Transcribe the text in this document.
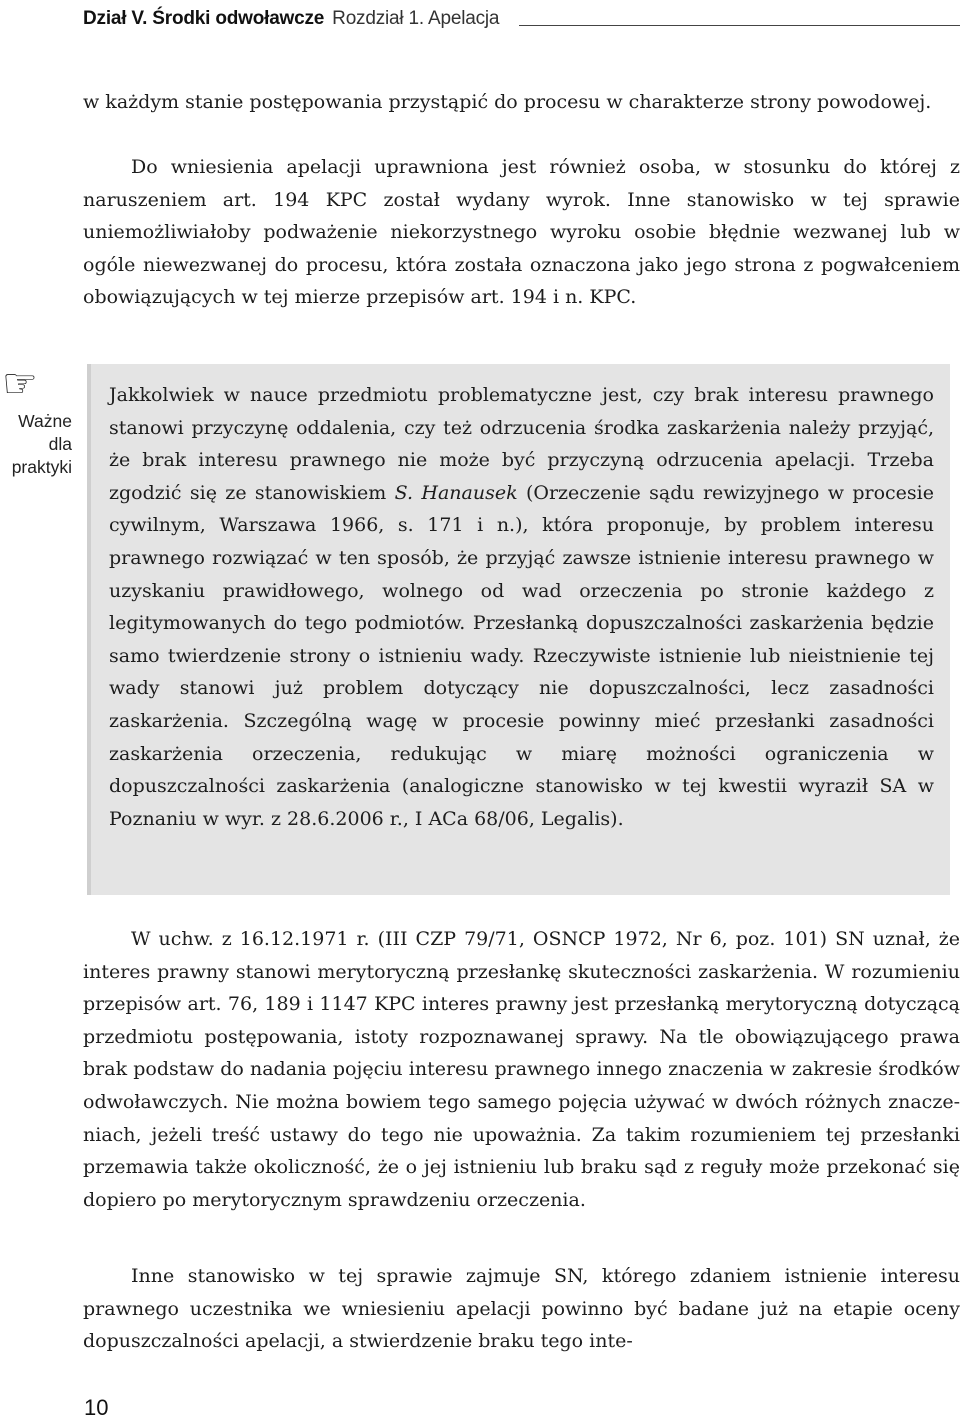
Dział V. Środki odwoławcze Rozdział 1. Apelacja

w każdym stanie postępowania przystąpić do procesu w charakterze strony powodowej.

Do wniesienia apelacji uprawniona jest również osoba, w stosunku do której z naruszeniem art. 194 KPC został wydany wyrok. Inne stanowisko w tej sprawie uniemożliwiałoby podważenie niekorzystnego wyroku osobie błędnie wezwanej lub w ogóle niewezwanej do procesu, która została oznaczona jako jego strona z pogwałceniem obowiązujących w tej mierze przepisów art. 194 i n. KPC.

☞
Ważne dla praktyki

Jakkolwiek w nauce przedmiotu problematyczne jest, czy brak interesu prawnego stanowi przyczynę oddalenia, czy też odrzucenia środka zaskarżenia należy przyjąć, że brak interesu prawnego nie może być przyczyną odrzucenia apelacji. Trzeba zgodzić się ze stanowiskiem S. Hanausek (Orzeczenie sądu rewizyjnego w procesie cywilnym, Warszawa 1966, s. 171 i n.), która proponuje, by problem interesu prawnego rozwiązać w ten sposób, że przyjąć zawsze istnienie interesu prawnego w uzyskaniu prawidłowego, wolnego od wad orzeczenia po stronie każdego z legitymowanych do tego podmiotów. Przesłanką dopuszczalności zaskarżenia będzie samo twierdzenie strony o istnieniu wady. Rzeczywiste istnienie lub nieistnienie tej wady stanowi już problem dotyczący nie dopuszczalności, lecz zasadności zaskarżenia. Szczególną wagę w procesie powinny mieć przesłanki zasadności zaskarżenia orzeczenia, redukując w miarę możności ograniczenia w dopuszczalności zaskarżenia (analogiczne stanowisko w tej kwestii wyraził SA w Poznaniu w wyr. z 28.6.2006 r., I ACa 68/06, Legalis).

W uchw. z 16.12.1971 r. (III CZP 79/71, OSNCP 1972, Nr 6, poz. 101) SN uznał, że interes prawny stanowi merytoryczną przesłankę skuteczności zaskarżenia. W rozumieniu przepisów art. 76, 189 i 1147 KPC interes prawny jest przesłanką merytoryczną dotyczącą przedmiotu postępowania, istoty rozpoznawanej sprawy. Na tle obowiązującego prawa brak podstaw do nadania pojęciu interesu prawnego innego znaczenia w zakresie środków odwoławczych. Nie można bowiem tego samego pojęcia używać w dwóch różnych znaczeniach, jeżeli treść ustawy do tego nie upoważnia. Za takim rozumieniem tej przesłanki przemawia także okoliczność, że o jej istnieniu lub braku sąd z reguły może przekonać się dopiero po merytorycznym sprawdzeniu orzeczenia.

Inne stanowisko w tej sprawie zajmuje SN, którego zdaniem istnienie interesu prawnego uczestnika we wniesieniu apelacji powinno być badane już na etapie oceny dopuszczalności apelacji, a stwierdzenie braku tego inte-

10
